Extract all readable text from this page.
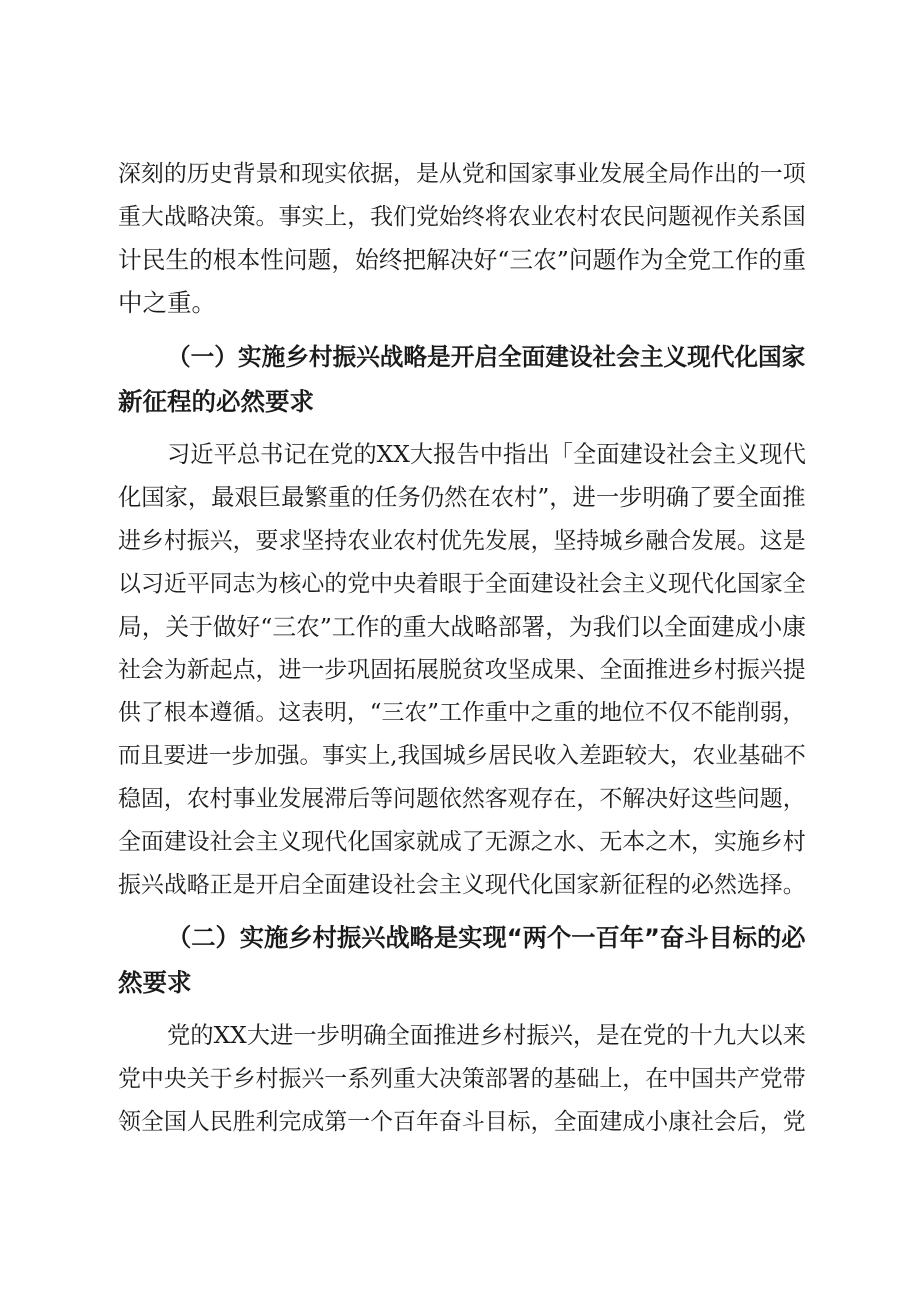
深刻的历史背景和现实依据，是从党和国家事业发展全局作出的一项
重大战略决策。事实上，我们党始终将农业农村农民问题视作关系国
计民生的根本性问题，始终把解决好“三农”问题作为全党工作的重
中之重。
（一）实施乡村振兴战略是开启全面建设社会主义现代化国家
新征程的必然要求
习近平总书记在党的XX大报告中指出「全面建设社会主义现代
化国家，最艰巨最繁重的任务仍然在农村”，进一步明确了要全面推
进乡村振兴，要求坚持农业农村优先发展，坚持城乡融合发展。这是
以习近平同志为核心的党中央着眼于全面建设社会主义现代化国家全
局，关于做好“三农”工作的重大战略部署，为我们以全面建成小康
社会为新起点，进一步巩固拓展脱贫攻坚成果、全面推进乡村振兴提
供了根本遵循。这表明，“三农”工作重中之重的地位不仅不能削弱，
而且要进一步加强。事实上,我国城乡居民收入差距较大，农业基础不
稳固，农村事业发展滞后等问题依然客观存在，不解决好这些问题，
全面建设社会主义现代化国家就成了无源之水、无本之木，实施乡村
振兴战略正是开启全面建设社会主义现代化国家新征程的必然选择。
（二）实施乡村振兴战略是实现“两个一百年”奋斗目标的必
然要求
党的XX大进一步明确全面推进乡村振兴，是在党的十九大以来
党中央关于乡村振兴一系列重大决策部署的基础上，在中国共产党带
领全国人民胜利完成第一个百年奋斗目标，全面建成小康社会后，党
